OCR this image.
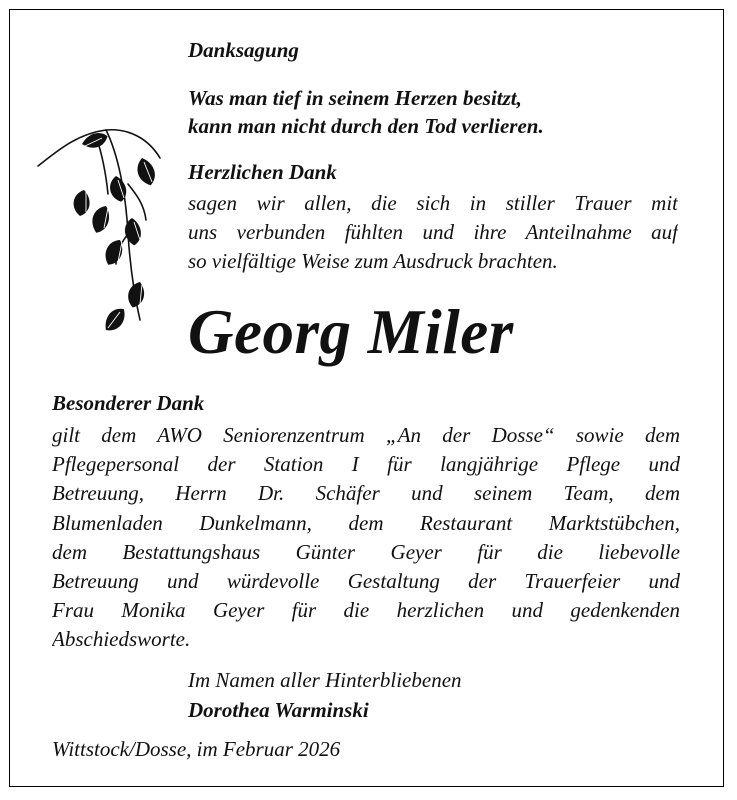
Danksagung
Was man tief in seinem Herzen besitzt,
kann man nicht durch den Tod verlieren.
Herzlichen Dank
sagen wir allen, die sich in stiller Trauer mit
uns verbunden fühlten und ihre Anteilnahme auf
so vielfältige Weise zum Ausdruck brachten.
Georg Miler
Besonderer Dank
gilt dem AWO Seniorenzentrum „An der Dosse“ sowie dem
Pflegepersonal der Station I für langjährige Pflege und
Betreuung, Herrn Dr. Schäfer und seinem Team, dem
Blumenladen Dunkelmann, dem Restaurant Marktstübchen,
dem Bestattungshaus Günter Geyer für die liebevolle
Betreuung und würdevolle Gestaltung der Trauerfeier und
Frau Monika Geyer für die herzlichen und gedenkenden
Abschiedsworte.
Im Namen aller Hinterbliebenen
Dorothea Warminski
Wittstock/Dosse, im Februar 2026
